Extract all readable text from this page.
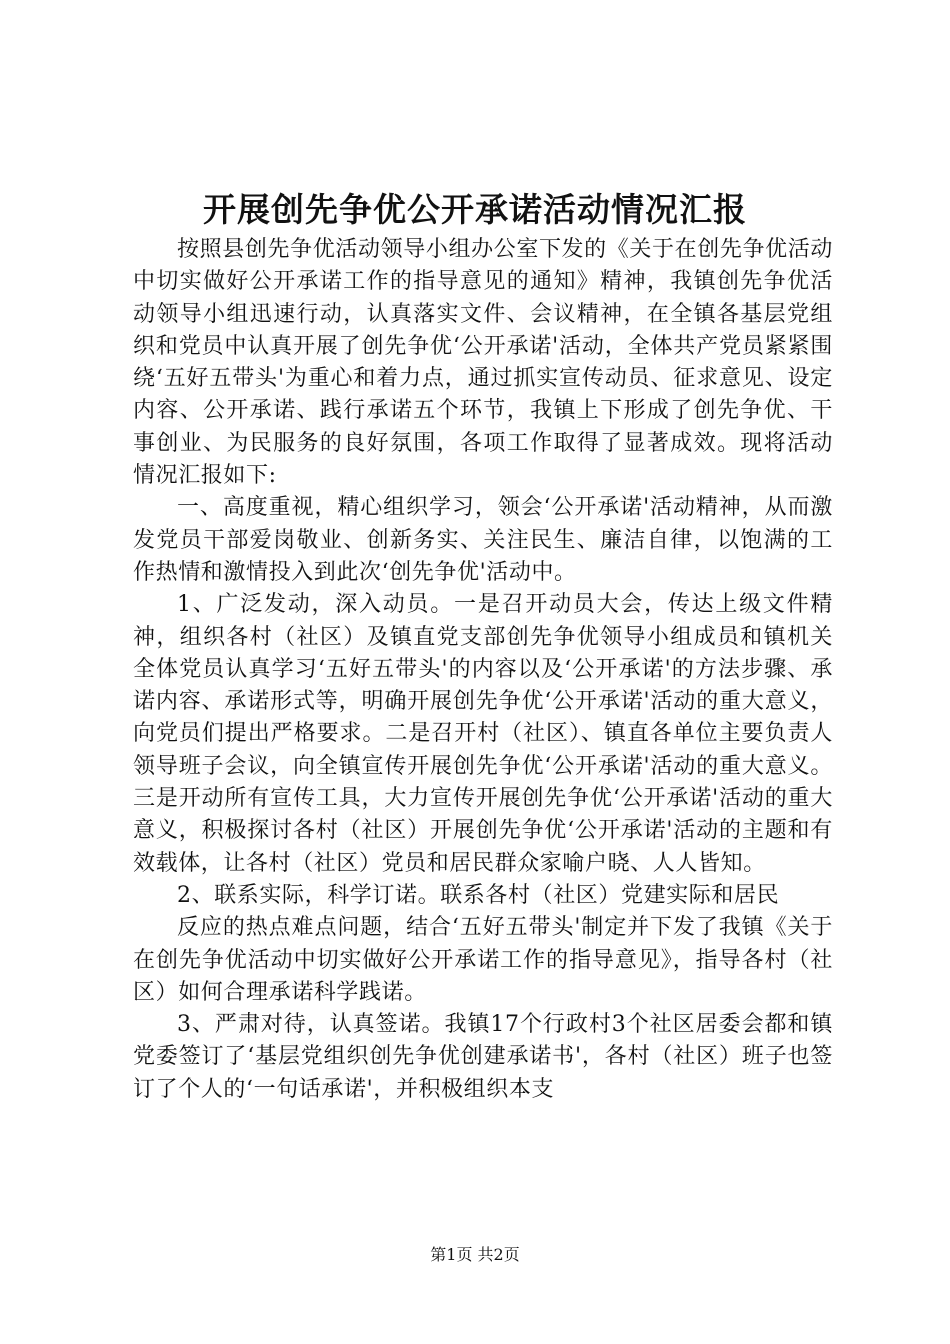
开展创先争优公开承诺活动情况汇报

按照县创先争优活动领导小组办公室下发的《关于在创先争优活动中切实做好公开承诺工作的指导意见的通知》精神，我镇创先争优活动领导小组迅速行动，认真落实文件、会议精神，在全镇各基层党组织和党员中认真开展了创先争优‘公开承诺'活动，全体共产党员紧紧围绕‘五好五带头'为重心和着力点，通过抓实宣传动员、征求意见、设定内容、公开承诺、践行承诺五个环节，我镇上下形成了创先争优、干事创业、为民服务的良好氛围，各项工作取得了显著成效。现将活动情况汇报如下:

一、高度重视，精心组织学习，领会‘公开承诺'活动精神，从而激发党员干部爱岗敬业、创新务实、关注民生、廉洁自律，以饱满的工作热情和激情投入到此次‘创先争优'活动中。

1、广泛发动，深入动员。一是召开动员大会，传达上级文件精神，组织各村（社区）及镇直党支部创先争优领导小组成员和镇机关全体党员认真学习‘五好五带头'的内容以及‘公开承诺'的方法步骤、承诺内容、承诺形式等，明确开展创先争优‘公开承诺'活动的重大意义，向党员们提出严格要求。二是召开村（社区）、镇直各单位主要负责人领导班子会议，向全镇宣传开展创先争优‘公开承诺'活动的重大意义。三是开动所有宣传工具，大力宣传开展创先争优‘公开承诺'活动的重大意义，积极探讨各村（社区）开展创先争优‘公开承诺'活动的主题和有效载体，让各村（社区）党员和居民群众家喻户晓、人人皆知。

2、联系实际，科学订诺。联系各村（社区）党建实际和居民

反应的热点难点问题，结合‘五好五带头'制定并下发了我镇《关于在创先争优活动中切实做好公开承诺工作的指导意见》，指导各村（社区）如何合理承诺科学践诺。

3、严肃对待，认真签诺。我镇17个行政村3个社区居委会都和镇党委签订了‘基层党组织创先争优创建承诺书'，各村（社区）班子也签订了个人的‘一句话承诺'，并积极组织本支

第1页 共2页
